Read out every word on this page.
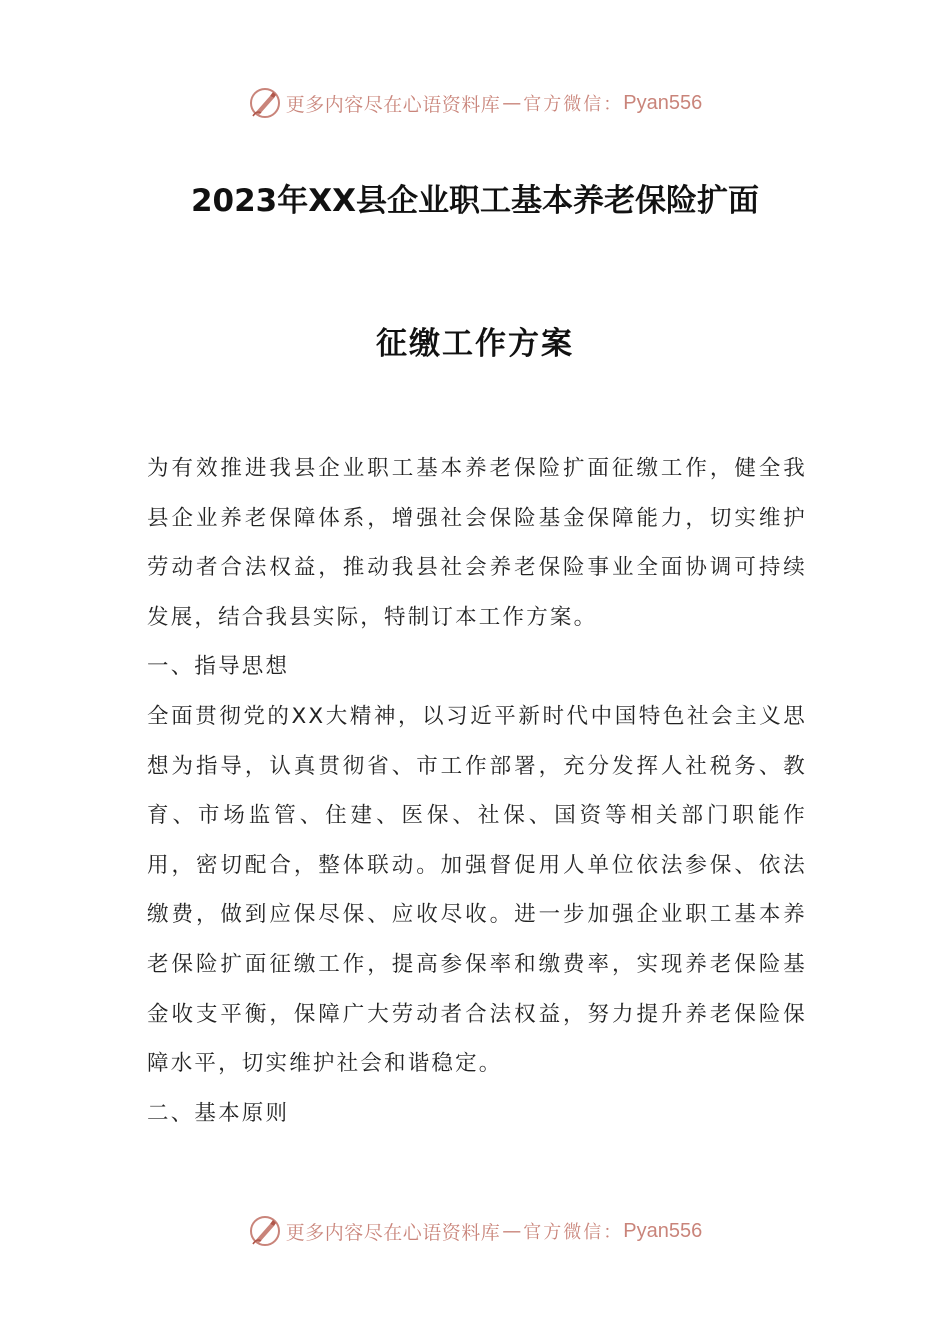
更多内容尽在心语资料库 — 官方微信： Pyan556
2023年XX县企业职工基本养老保险扩面
征缴工作方案

为有效推进我县企业职工基本养老保险扩面征缴工作，健全我县企业养老保障体系，增强社会保险基金保障能力，切实维护劳动者合法权益，推动我县社会养老保险事业全面协调可持续发展，结合我县实际，特制订本工作方案。

一、指导思想

全面贯彻党的XX大精神，以习近平新时代中国特色社会主义思想为指导，认真贯彻省、市工作部署，充分发挥人社税务、教育、市场监管、住建、医保、社保、国资等相关部门职能作用，密切配合，整体联动。加强督促用人单位依法参保、依法缴费，做到应保尽保、应收尽收。进一步加强企业职工基本养老保险扩面征缴工作，提高参保率和缴费率，实现养老保险基金收支平衡，保障广大劳动者合法权益，努力提升养老保险保障水平，切实维护社会和谐稳定。

二、基本原则

更多内容尽在心语资料库 — 官方微信： Pyan556
